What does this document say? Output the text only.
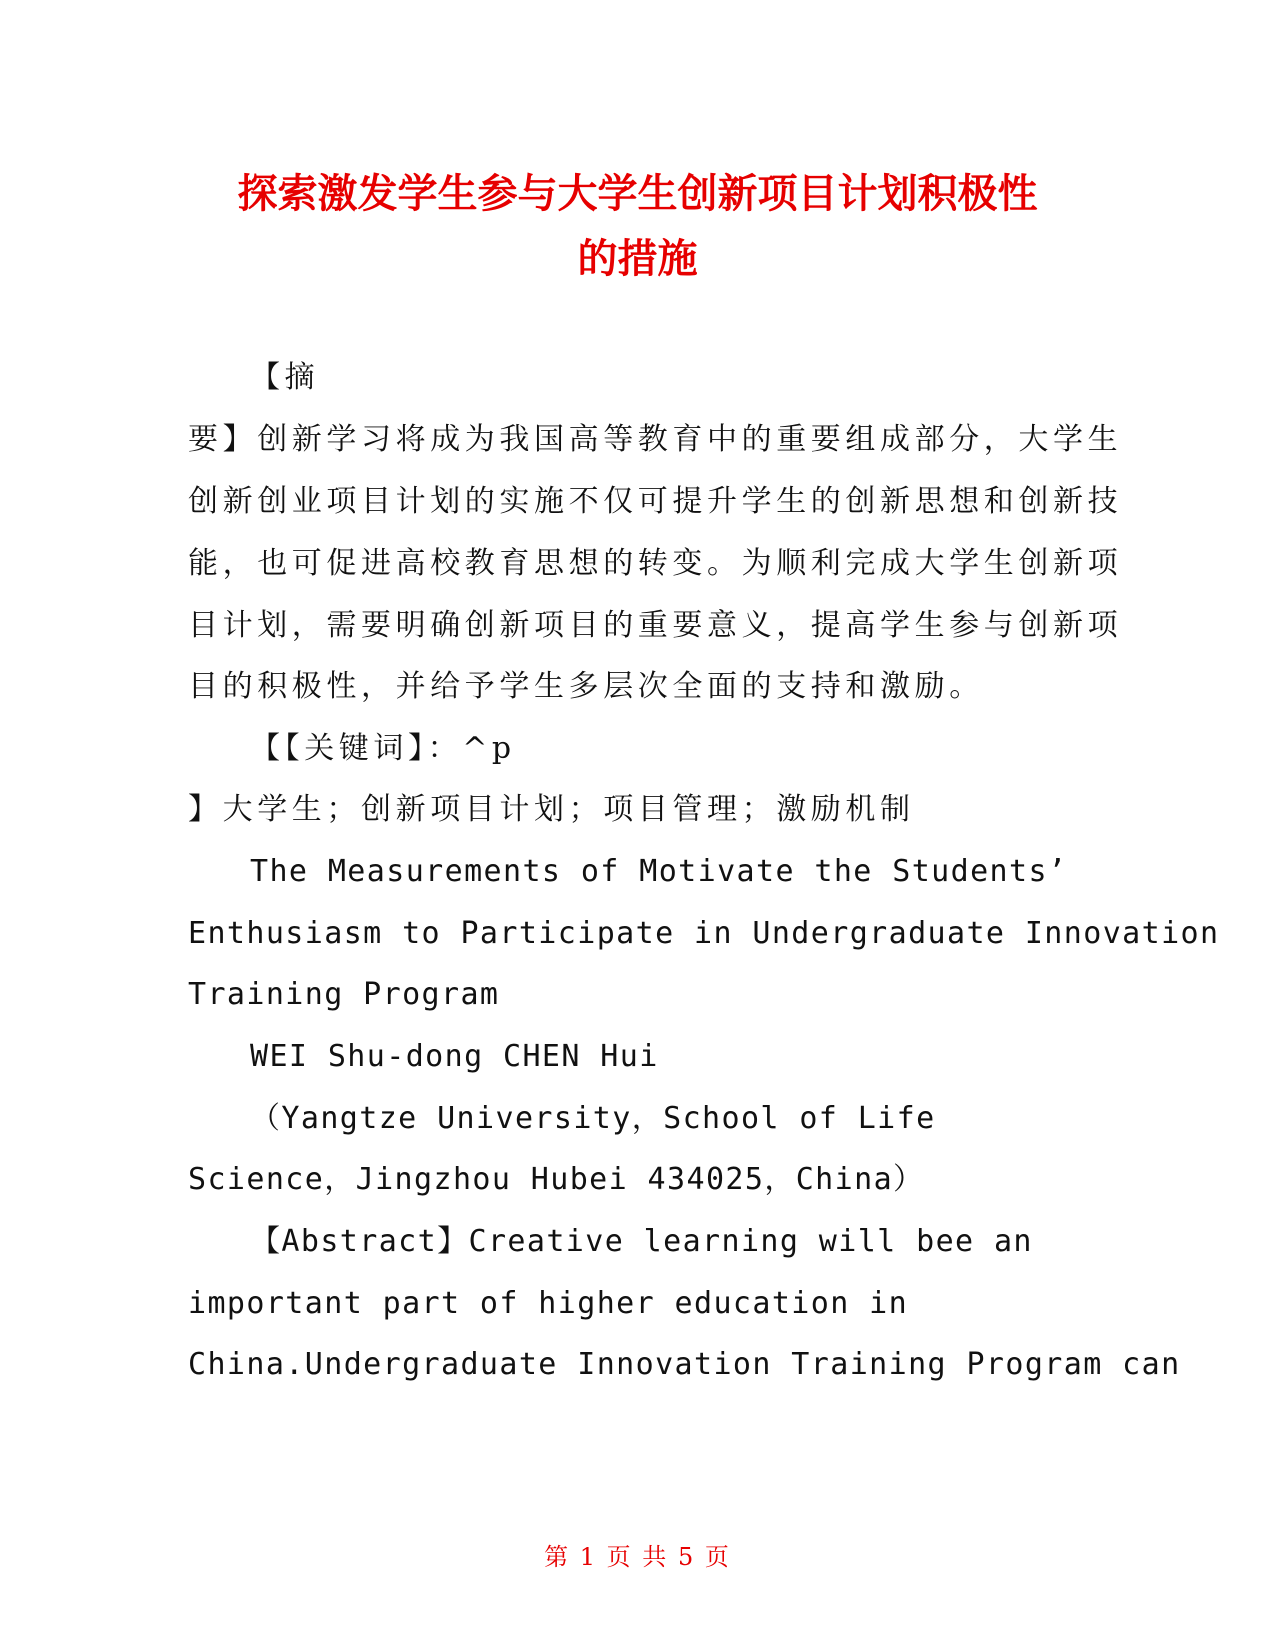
探索激发学生参与大学生创新项目计划积极性
的措施
【摘
要】创新学习将成为我国高等教育中的重要组成部分，大学生
创新创业项目计划的实施不仅可提升学生的创新思想和创新技
能，也可促进高校教育思想的转变。为顺利完成大学生创新项
目计划，需要明确创新项目的重要意义，提高学生参与创新项
目的积极性，并给予学生多层次全面的支持和激励。
【【关键词】：^p
】大学生；创新项目计划；项目管理；激励机制
The Measurements of Motivate the Students’
Enthusiasm to Participate in Undergraduate Innovation
Training Program
WEI Shu-dong CHEN Hui
（Yangtze University，School of Life
Science，Jingzhou Hubei 434025，China）
【Abstract】Creative learning will bee an
important part of higher education in
China.Undergraduate Innovation Training Program can
第 1 页 共 5 页
